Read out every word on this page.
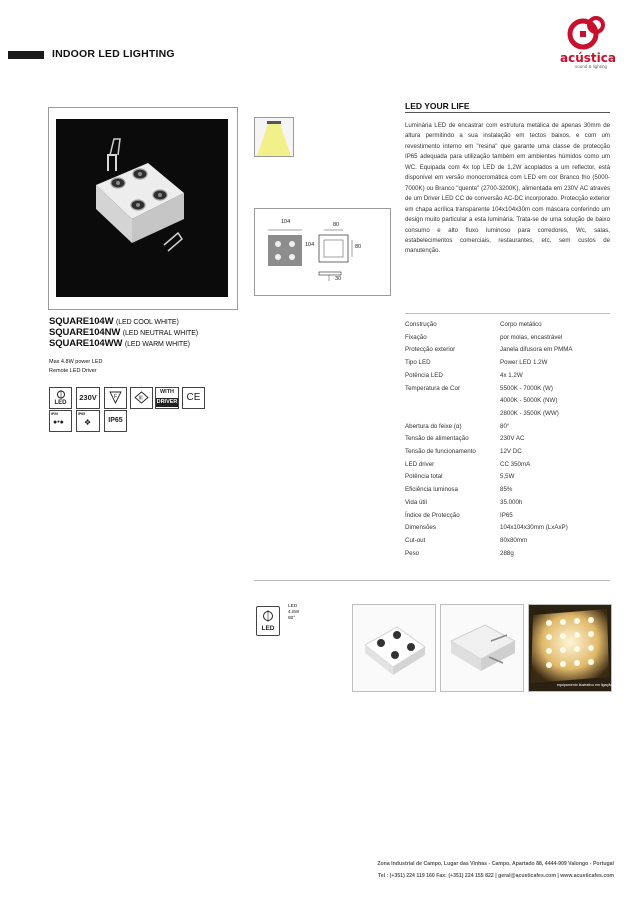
INDOOR LED LIGHTING	acústica
sound & lighting
SQUARE104W (LED COOL WHITE)
SQUARE104NW (LED NEUTRAL WHITE)
SQUARE104WW (LED WARM WHITE)
Max 4.8W power LED
Remote LED Driver
LED
230V	F	III
WITH
DRIVER CE
IP20
●•●
IP65
❖	IP65
104	80
104	80
30
LED YOUR LIFE
Luminária LED de encastrar com estrutura metálica de apenas 30mm de altura permitindo a sua instalação em tectos baixos, e com um revestimento interno em "resina" que garante uma classe de protecção IP65 adequada para utilização também em ambientes húmidos como um WC. Equipada com 4x top LED de 1,2W acoplados a um reflector, está disponível em versão monocromática com LED em cor Branco frio (5000-7000K) ou Branco "quente" (2700-3200K), alimentada em 230V AC através de um Driver LED CC de conversão AC-DC incorporado. Protecção exterior em chapa acrílica transparente 104x104x30m com máscara conferindo um design muito particular a esta luminária. Trata-se de uma solução de baixo consumo e alto fluxo luminoso para corredores, Wc, salas, estabelecimentos comerciais, restaurantes, etc, sem custos de manutenção.
Construção	Corpo metálico
Fixação	por molas, encastrável
Protecção exterior	Janela difusora em PMMA
Tipo LED	Power LED 1.2W
Potência LED	4x 1.2W
Temperatura de Cor	5500K - 7000K (W)
4000K - 5000K (NW)
2800K - 3500K (WW)
Abertura do feixe (α)	80°
Tensão de alimentação	230V AC
Tensão de funcionamento	12V DC
LED driver	CC 350mA
Potência total	5,5W
Eficiência luminosa	85%
Vida útil	35.000h
Índice de Protecção	IP65
Dimensões	104x104x30mm (LxAxP)
Cut-out	80x80mm
Peso	288g
LED
LED
4.8W
80°
equipamento ilustrativo em ligação
Zona Industrial de Campo, Lugar das Vinhas - Campo, Apartado 88, 4444-909 Valongo - Portugal
Tel : (+351) 224 119 160 Fax: (+351) 224 155 822 | geral@acusticafes.com | www.acusticafes.com
